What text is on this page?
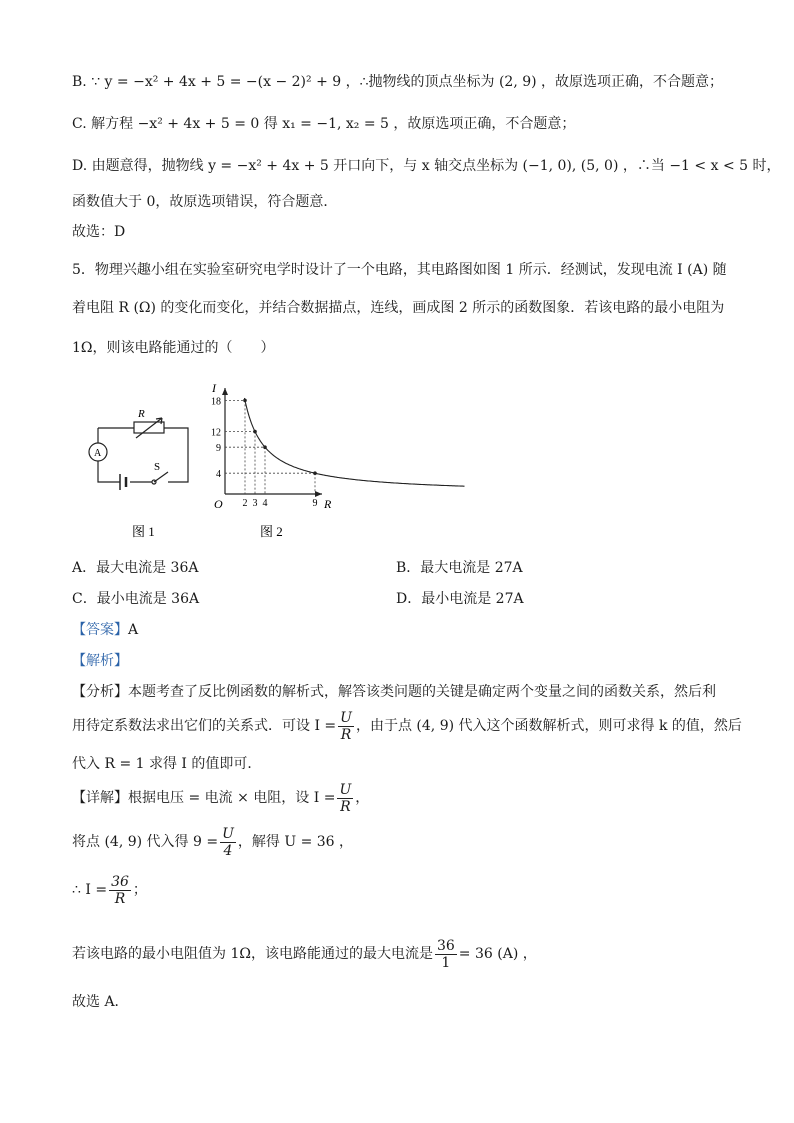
B. ∵ y = −x² + 4x + 5 = −(x − 2)² + 9 ，∴抛物线的顶点坐标为 (2, 9) ，故原选项正确，不合题意；
C. 解方程 −x² + 4x + 5 = 0 得 x₁ = −1, x₂ = 5 ，故原选项正确，不合题意；
D. 由题意得，抛物线 y = −x² + 4x + 5 开口向下，与 x 轴交点坐标为 (−1, 0), (5, 0) ，∴当 −1 < x < 5 时，
函数值大于 0，故原选项错误，符合题意．
故选：D
5．物理兴趣小组在实验室研究电学时设计了一个电路，其电路图如图 1 所示．经测试，发现电流 I (A) 随
着电阻 R (Ω) 的变化而变化，并结合数据描点，连线，画成图 2 所示的函数图象．若该电路的最小电阻为
1Ω，则该电路能通过的（　　）
A
R
S
图 1
18
2
12
3
9
4
4
9
O	R
I
图 2
A．最大电流是 36A	B．最大电流是 27A
C．最小电流是 36A	D．最小电流是 27A
【答案】A
【解析】
【分析】本题考查了反比例函数的解析式，解答该类问题的关键是确定两个变量之间的函数关系，然后利
用待定系数法求出它们的关系式．可设 $I = \frac{U}{R}$ ，由于点 (4, 9) 代入这个函数解析式，则可求得 k 的值，然后
代入 R = 1 求得 I 的值即可．
【详解】根据电压 = 电流 × 电阻，设 $I = \frac{U}{R}$ ，
将点 (4, 9) 代入得 $9 = \frac{U}{4}$ ，解得 U = 36 ，
∴ $I = \frac{36}{R}$ ；
若该电路的最小电阻值为 1Ω，该电路能通过的最大电流是 $\frac{36}{1} = 36$ (A) ，
故选 A．
